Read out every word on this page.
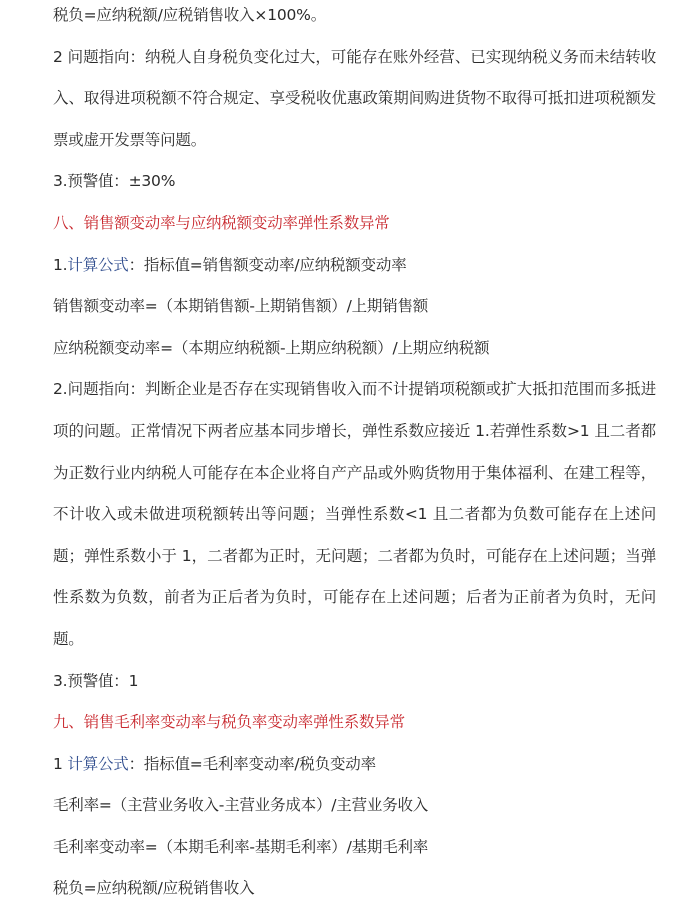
税负=应纳税额/应税销售收入×100%。

2 问题指向：纳税人自身税负变化过大，可能存在账外经营、已实现纳税义务而未结转收入、取得进项税额不符合规定、享受税收优惠政策期间购进货物不取得可抵扣进项税额发票或虚开发票等问题。

3.预警值：±30%

八、销售额变动率与应纳税额变动率弹性系数异常

1.计算公式：指标值=销售额变动率/应纳税额变动率

销售额变动率=（本期销售额-上期销售额）/上期销售额

应纳税额变动率=（本期应纳税额-上期应纳税额）/上期应纳税额

2.问题指向：判断企业是否存在实现销售收入而不计提销项税额或扩大抵扣范围而多抵进项的问题。正常情况下两者应基本同步增长，弹性系数应接近 1.若弹性系数>1 且二者都为正数行业内纳税人可能存在本企业将自产产品或外购货物用于集体福利、在建工程等，不计收入或未做进项税额转出等问题；当弹性系数<1 且二者都为负数可能存在上述问题；弹性系数小于 1，二者都为正时，无问题；二者都为负时，可能存在上述问题；当弹性系数为负数，前者为正后者为负时，可能存在上述问题；后者为正前者为负时，无问题。

3.预警值：1

九、销售毛利率变动率与税负率变动率弹性系数异常

1 计算公式：指标值=毛利率变动率/税负变动率

毛利率=（主营业务收入-主营业务成本）/主营业务收入

毛利率变动率=（本期毛利率-基期毛利率）/基期毛利率

税负=应纳税额/应税销售收入
